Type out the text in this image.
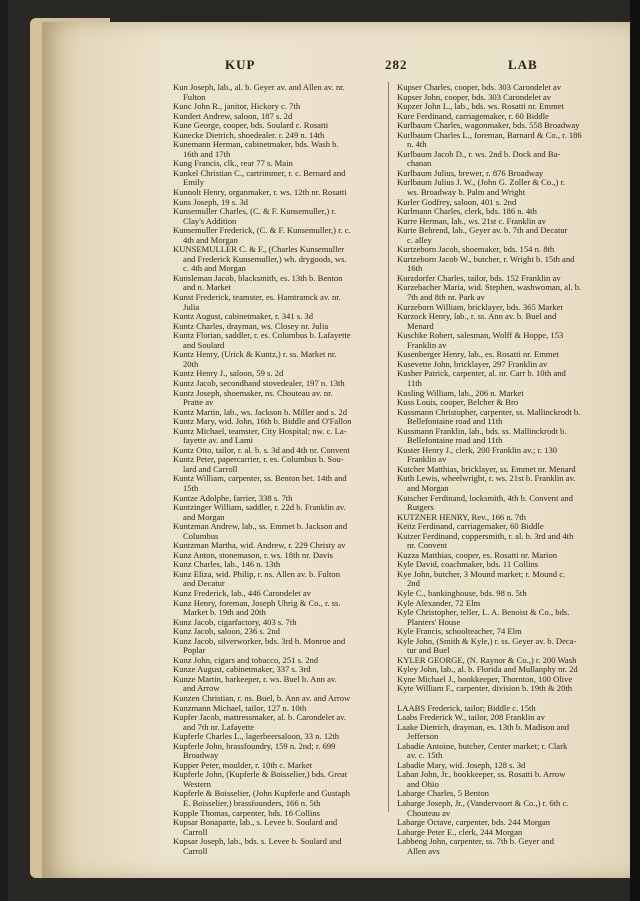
KUP	282	LAB
Kun Joseph, lab., al. b. Geyer av. and Allen av. nr.
Fulton
Kunc John R., janitor, Hickory c. 7th
Kundert Andrew, saloon, 187 s. 2d
Kune George, cooper, bds. Soulard c. Rosatti
Kunecke Dietrich, shoedealer. r. 249 n. 14th
Kunemann Herman, cabinetmaker, bds. Wash b.
16th and 17th
Kung Francis, clk., rear 77 s. Main
Kunkel Christian C., cartrimmer, r. c. Bernard and
Emily
Kunnolt Henry, organmaker, r. ws. 12th nr. Rosatti
Kuns Joseph, 19 s. 3d
Kunsemuller Charles, (C. & F. Kunsemuller,) r.
Clay's Addition
Kunsemuller Frederick, (C. & F. Kunsemuller,) r. c.
4th and Morgan
KUNSEMULLER C. & F., (Charles Kunsemuller
and Frederick Kunsemuller,) wh. drygoods, ws.
c. 4th and Morgan
Kunsleman Jacob, blacksmith, es. 13th b. Benton
and n. Market
Kunst Frederick, teamster, es. Hamtramck av. nr.
Julia
Kuntz August, cabinetmaker, r. 341 s. 3d
Kuntz Charles, drayman, ws. Closey nr. Julia
Kuntz Florian, saddler, r. es. Columbus b. Lafayette
and Soulard
Kuntz Henry, (Urick & Kuntz,) r. ss. Market nr.
20th
Kuntz Henry J., saloon, 59 s. 2d
Kuntz Jacob, secondhand stovedealer, 197 n. 13th
Kuntz Joseph, shoemaker, ns. Chouteau av. nr.
Pratte av
Kuntz Martin, lab., ws. Jackson b. Miller and s. 2d
Kuntz Mary, wid. John, 16th b. Biddle and O'Fallon
Kuntz Michael, teamster, City Hospital; nw. c. La-
fayette av. and Lami
Kuntz Otto, tailor, r. al. b. s. 3d and 4th nr. Convent
Kuntz Peter, papercarrier, r. es. Columbus b. Sou-
lard and Carroll
Kuntz William, carpenter, ss. Benton bet. 14th and
15th
Kuntze Adolphe, farrier, 338 s. 7th
Kuntzinger William, saddler, r. 22d b. Franklin av.
and Morgan
Kuntzman Andrew, lab., ss. Emmet b. Jackson and
Columbus
Kuntzman Martha, wid. Andrew, r. 229 Christy av
Kunz Anton, stonemason, r. ws. 18th nr. Davis
Kunz Charles, lab., 146 n. 13th
Kunz Eliza, wid. Philip, r. ns. Allen av. b. Fulton
and Decatur
Kunz Frederick, lab., 446 Carondelet av
Kunz Henry, foreman, Joseph Uhrig & Co., r. ss.
Market b. 19th and 20th
Kunz Jacob, cigarfactory, 403 s. 7th
Kunz Jacob, saloon, 236 s. 2nd
Kunz Jacob, silverworker, bds. 3rd b. Monroe and
Poplar
Kunz John, cigars and tobacco, 251 s. 2nd
Kunze August, cabinetmaker, 337 s. 3rd
Kunze Martin, barkeeper, r. ws. Buel b. Ann av.
and Arrow
Kunzen Christian, r. ns. Buel, b. Ann av. and Arrow
Kunzmann Michael, tailor, 127 n. 10th
Kupfer Jacob, mattressmaker, al. b. Carondelet av.
and 7th nr. Lafayette
Kupferle Charles L., lagerbeersaloon, 33 n. 12th
Kupferle John, brassfoundry, 159 n. 2nd; r. 699
Broadway
Kupper Peter, moulder, r. 10th c. Market
Kupferle John, (Kupferle & Boisselier,) bds. Great
Western
Kupferle & Boisselier, (John Kupferle and Gustaph
E. Boisselier,) brassfounders, 166 n. 5th
Kupple Thomas, carpenter, bds. 16 Collins
Kupsar Bonaparte, lab., s. Levee b. Soulard and
Carroll
Kupsar Joseph, lab., bds. s. Levee b. Soulard and
Carroll
Kupser Charles, cooper, bds. 303 Carondelet av
Kupser John, cooper, bds. 303 Carondelet av
Kupzer John L., lab., bds. ws. Rosatti nr. Emmet
Kure Ferdinand, carriagemaker, r. 60 Biddle
Kurlbaum Charles, wagonmaker, bds. 558 Broadway
Kurlbaum Charles L., foreman, Barnard & Co., r. 186
n. 4th
Kurlbaum Jacob D., r. ws. 2nd b. Dock and Ba-
chanan
Kurlbaum Julius, brewer, r. 876 Broadway
Kurlbaum Julius J. W., (John G. Zoller & Co.,) r.
ws. Broadway b. Palm and Wright
Kurler Godfrey, saloon, 401 s. 2nd
Kurlmann Charles, clerk, bds. 186 n. 4th
Kurre Herman, lab., ws. 21st c. Franklin av
Kurte Behrend, lab., Geyer av. b. 7th and Decatur
c. alley
Kurtzeborn Jacob, shoemaker, bds. 154 n. 8th
Kurtzeborn Jacob W., butcher, r. Wright b. 15th and
16th
Kurzdorfer Charles, tailor, bds. 152 Franklin av
Kurzebacher Maria, wid. Stephen, washwoman, al. b.
7th and 8th nr. Park av
Kurzeborn William, bricklayer, bds. 365 Market
Kurzock Henry, lab., r. ss. Ann av. b. Buel and
Menard
Kuschke Robert, salesman, Wolff & Hoppe, 153
Franklin av
Kusenberger Henry, lab., es. Rosatti nr. Emmet
Kusevette John, bricklayer, 297 Franklin av
Kusher Patrick, carpenter, al. nr. Carr b. 10th and
11th
Kusling William, lab., 206 n. Market
Kuss Louis, cooper, Belcher & Bro
Kussmann Christopher, carpenter, ss. Mallinckrodt b.
Bellefontaine road and 11th
Kussmann Franklin, lab., bds. ss. Mallinckrodt b.
Bellefontaine road and 11th
Kuster Henry J., clerk, 200 Franklin av.; r. 130
Franklin av
Kutcher Matthias, bricklayer, ss. Emmet nr. Menard
Kuth Lewis, wheelwright, r. ws. 21st b. Franklin av.
and Morgan
Kutscher Ferdinand, locksmith, 4th b. Convent and
Rutgers
KUTZNER HENRY, Rev., 166 n. 7th
Keitz Ferdinand, carriagemaker, 60 Biddle
Kutzer Ferdinand, coppersmith, r. al. b. 3rd and 4th
nr. Convent
Kuzza Matthias, cooper, es. Rosatti nr. Marion
Kyle David, coachmaker, bds. 11 Collins
Kye John, butcher, 3 Mound market; r. Mound c.
2nd
Kyle C., bankinghouse, bds. 98 n. 5th
Kyle Alexander, 72 Elm
Kyle Christopher, teller, L. A. Benoist & Co., bds.
Planters' House
Kyle Francis, schoolteacher, 74 Elm
Kyle John, (Smith & Kyle,) r. ss. Geyer av. b. Deca-
tur and Buel
KYLER GEORGE, (N. Raynor & Co.,) r. 200 Wash
Kyley John, lab., al. b. Florida and Mullanphy nr. 2d
Kyne Michael J., bookkeeper, Thornton, 100 Olive
Kyte William F., carpenter, division b. 19th & 20th
LAABS Frederick, tailor; Biddle c. 15th
Laabs Frederick W., tailor, 208 Franklin av
Laake Dietrich, drayman, es. 13th b. Madison and
Jefferson
Labadie Antoine, butcher, Center market; r. Clark
av. c. 15th
Labadie Mary, wid. Joseph, 128 s. 3d
Laban John, Jr., bookkeeper, ss. Rosatti b. Arrow
and Ohio
Labarge Charles, 5 Benton
Labarge Joseph, Jr., (Vandervoort & Co.,) r. 6th c.
Chouteau av
Labarge Octave, carpenter, bds. 244 Morgan
Labarge Peter E., clerk, 244 Morgan
Labbeng John, carpenter, ss. 7th b. Geyer and
Allen avs
